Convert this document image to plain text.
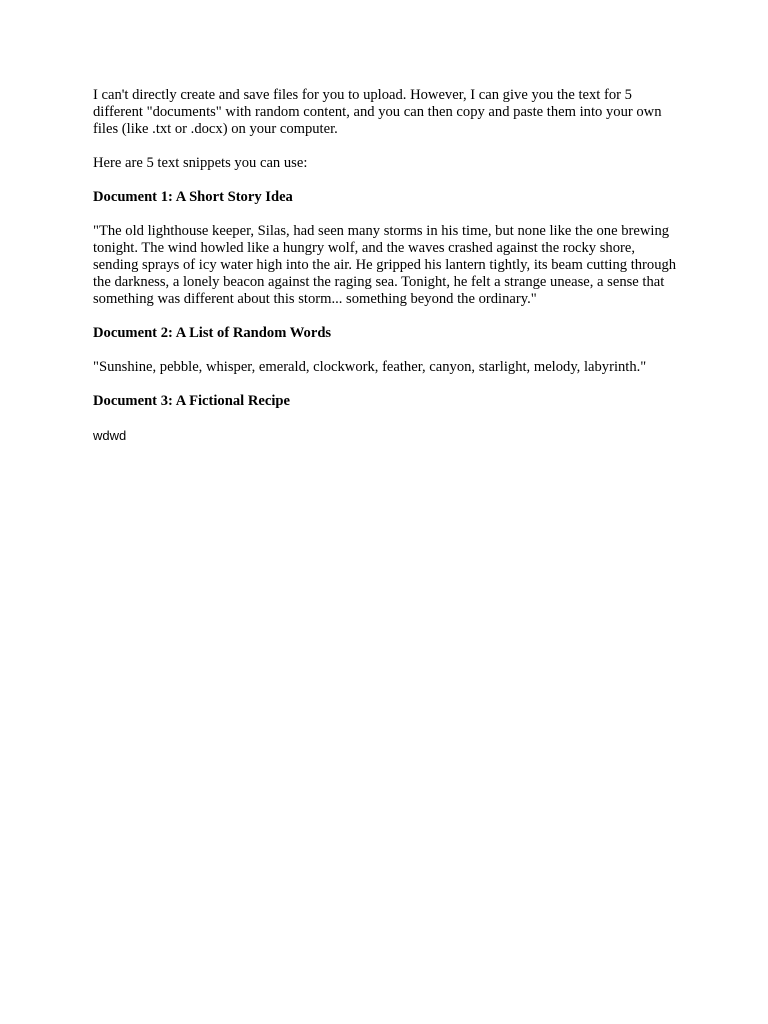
I can't directly create and save files for you to upload. However, I can give you the text for 5 different "documents" with random content, and you can then copy and paste them into your own files (like .txt or .docx) on your computer.

Here are 5 text snippets you can use:

Document 1: A Short Story Idea

"The old lighthouse keeper, Silas, had seen many storms in his time, but none like the one brewing tonight. The wind howled like a hungry wolf, and the waves crashed against the rocky shore, sending sprays of icy water high into the air. He gripped his lantern tightly, its beam cutting through the darkness, a lonely beacon against the raging sea. Tonight, he felt a strange unease, a sense that something was different about this storm... something beyond the ordinary."

Document 2: A List of Random Words

"Sunshine, pebble, whisper, emerald, clockwork, feather, canyon, starlight, melody, labyrinth."

Document 3: A Fictional Recipe

wdwd
